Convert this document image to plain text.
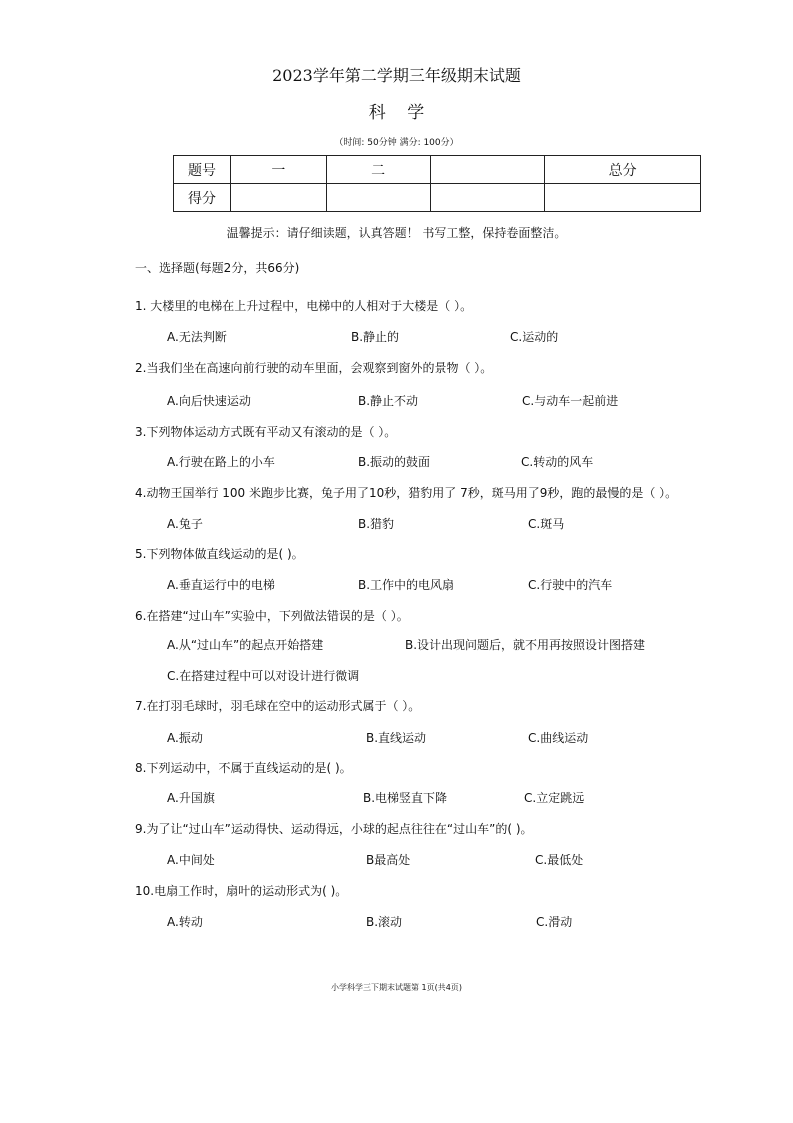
2023学年第二学期三年级期末试题
科 学
（时间: 50分钟 满分: 100分）
题号	一	二		总分
得分				
温馨提示：请仔细读题，认真答题！ 书写工整，保持卷面整洁。
一、选择题(每题2分，共66分)
1. 大楼里的电梯在上升过程中，电梯中的人相对于大楼是（ ）。
A.无法判断	B.静止的	C.运动的
2.当我们坐在高速向前行驶的动车里面，会观察到窗外的景物（ ）。
A.向后快速运动	B.静止不动	C.与动车一起前进
3.下列物体运动方式既有平动又有滚动的是（ ）。
A.行驶在路上的小车	B.振动的鼓面	C.转动的风车
4.动物王国举行 100 米跑步比赛，兔子用了10秒，猎豹用了 7秒，斑马用了9秒，跑的最慢的是（ ）。
A.兔子	B.猎豹	C.斑马
5.下列物体做直线运动的是( )。
A.垂直运行中的电梯	B.工作中的电风扇	C.行驶中的汽车
6.在搭建“过山车”实验中，下列做法错误的是（ ）。
A.从“过山车”的起点开始搭建	B.设计出现问题后，就不用再按照设计图搭建
C.在搭建过程中可以对设计进行微调
7.在打羽毛球时，羽毛球在空中的运动形式属于（ ）。
A.振动	B.直线运动	C.曲线运动
8.下列运动中，不属于直线运动的是( )。
A.升国旗	B.电梯竖直下降	C.立定跳远
9.为了让“过山车”运动得快、运动得远，小球的起点往往在“过山车”的( )。
A.中间处	B最高处	C.最低处
10.电扇工作时，扇叶的运动形式为( )。
A.转动	B.滚动	C.滑动
小学科学三下期末试题第 1页(共4页)
